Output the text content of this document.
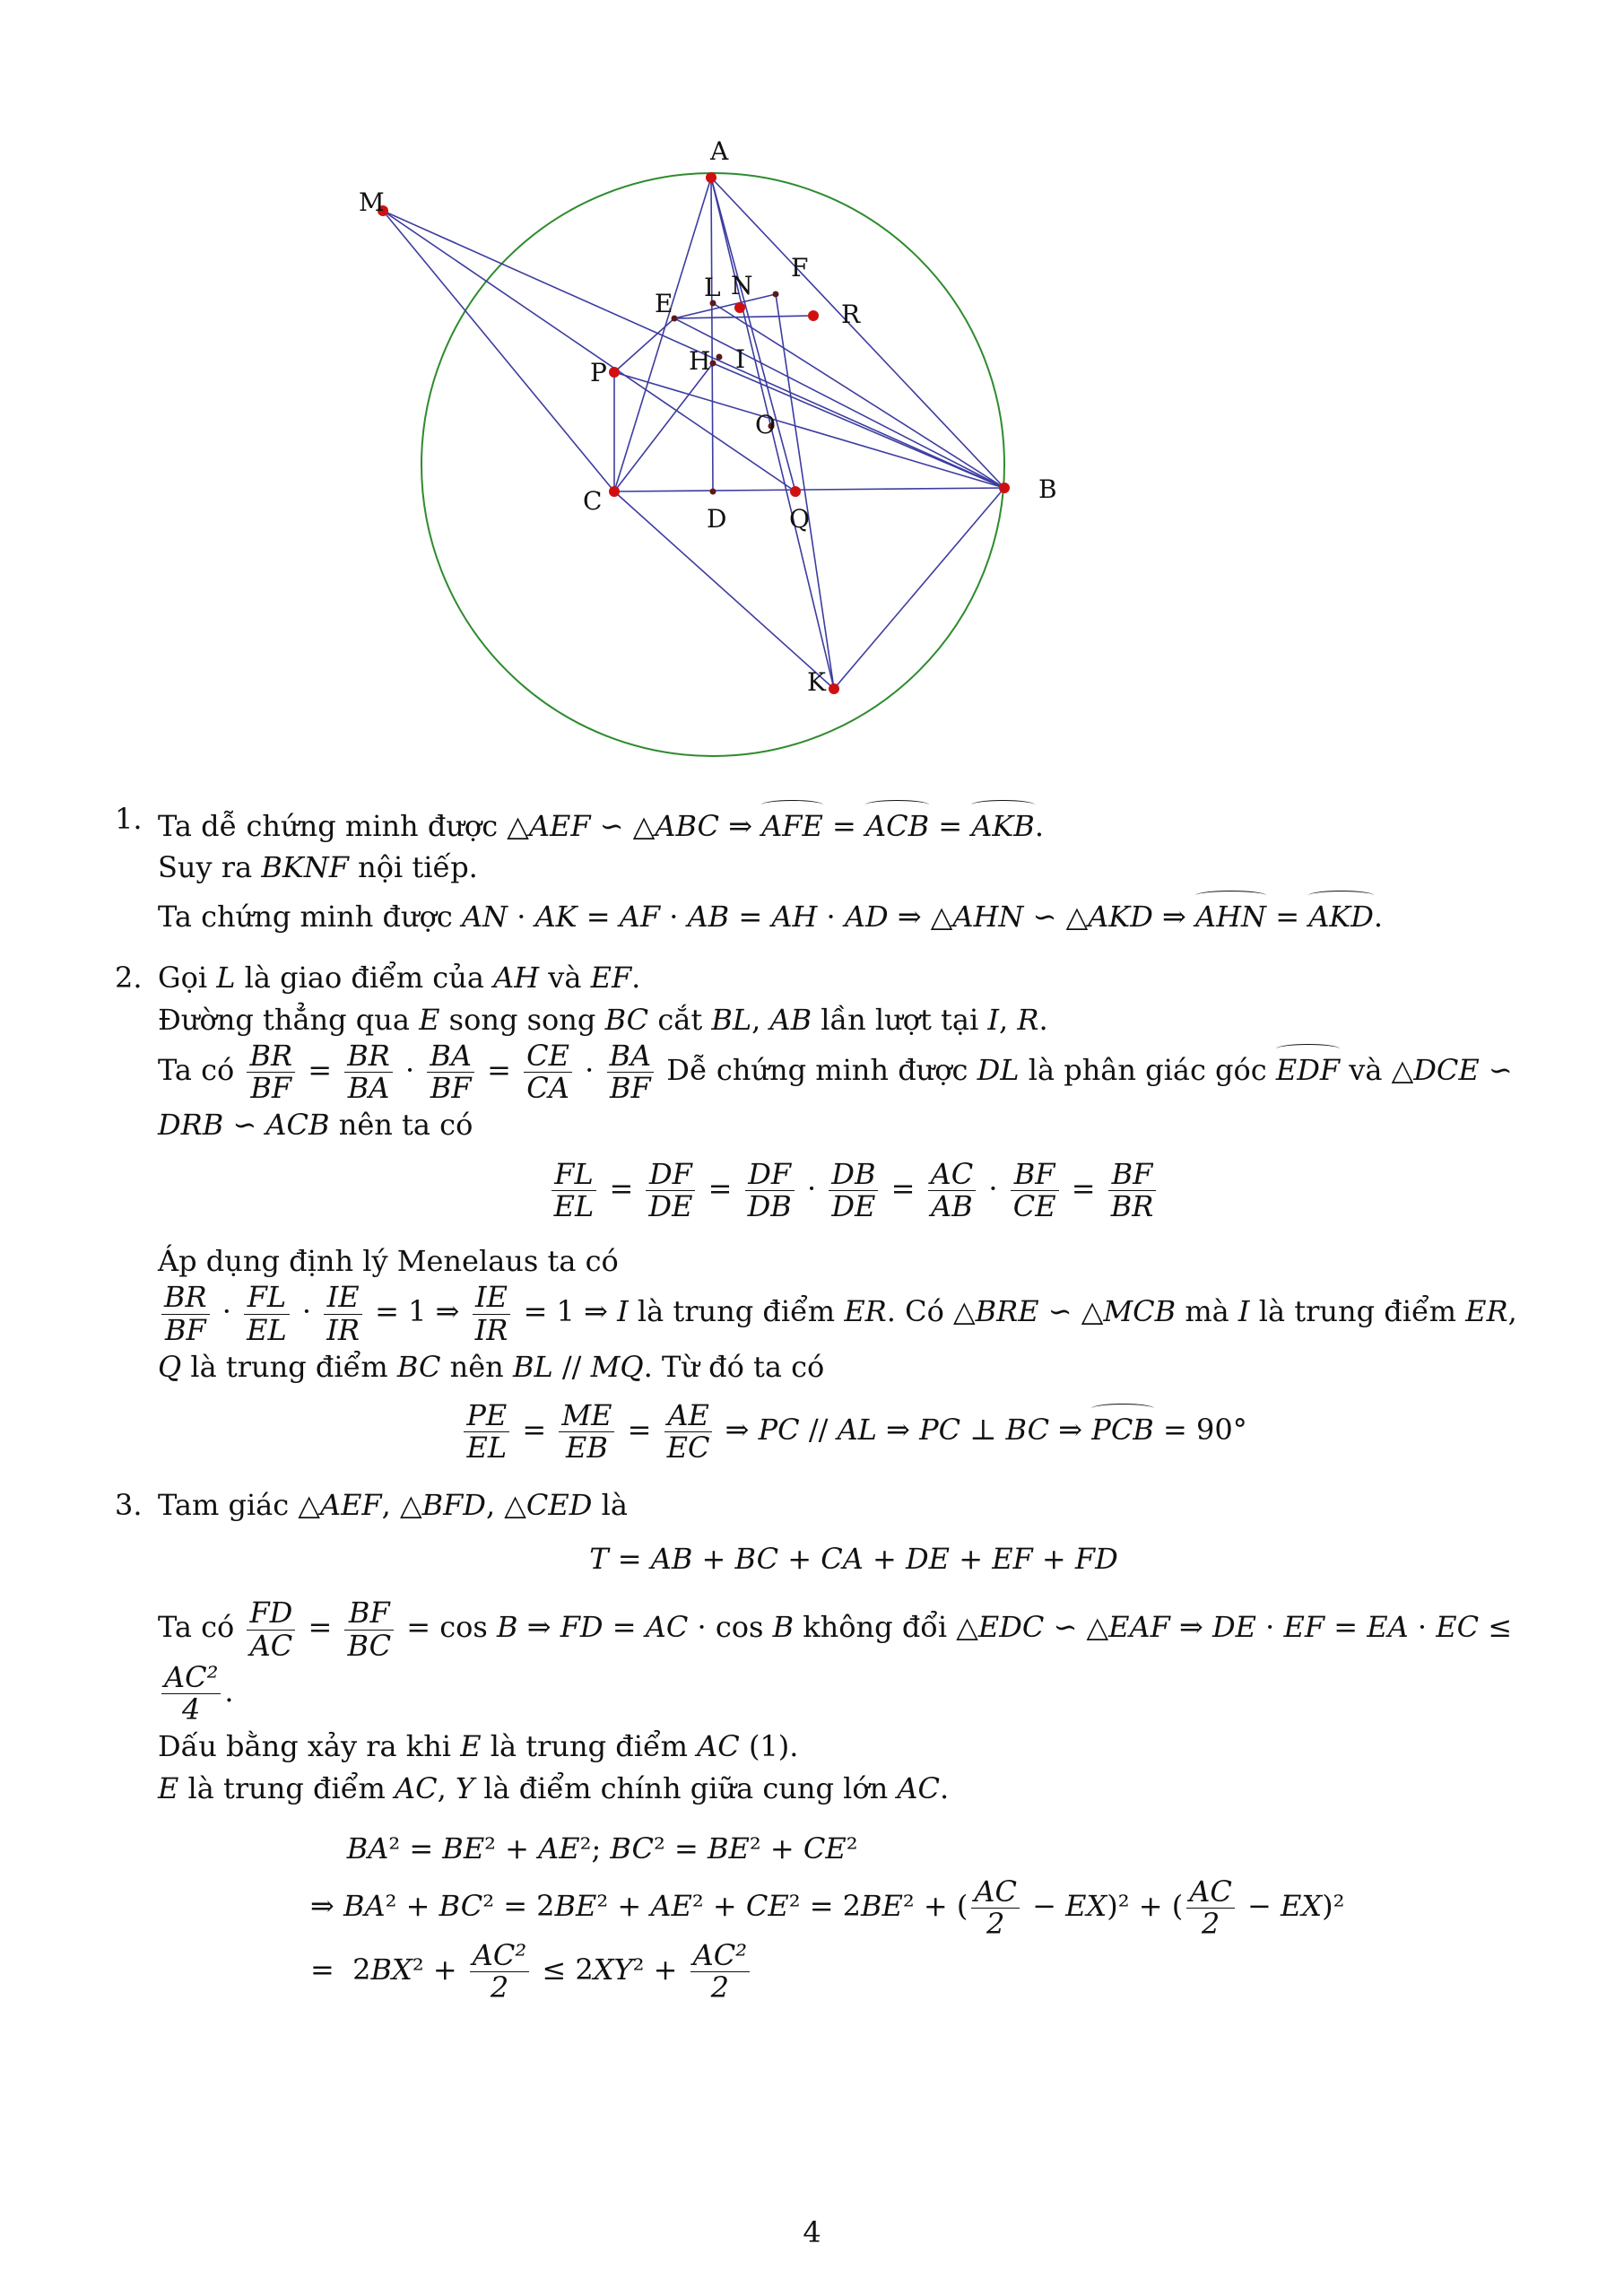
A
M
F
E
L N
R
P	I
H
O
C	B
D Q
K
1. Ta dễ chứng minh được △AEF ∽ △ABC ⇒ AFE = ACB = AKB.
Suy ra BKNF nội tiếp.
Ta chứng minh được AN · AK = AF · AB = AH · AD ⇒ △AHN ∽ △AKD ⇒ AHN = AKD.
2. Gọi L là giao điểm của AH và EF.
Đường thẳng qua E song song BC cắt BL, AB lần lượt tại I, R.
Ta có $\frac{BR}{BF} = \frac{BR}{BA} \cdot \frac{BA}{BF} = \frac{CE}{CA} \cdot \frac{BA}{BF}$ Dễ chứng minh được DL là phân giác góc EDF và △DCE ∽ DRB ∽ ACB nên ta có
$\frac{FL}{EL} = \frac{DF}{DE} = \frac{DF}{DB} \cdot \frac{DB}{DE} = \frac{AC}{AB} \cdot \frac{BF}{CE} = \frac{BF}{BR}$
Áp dụng định lý Menelaus ta có
$\frac{BR}{BF} \cdot \frac{FL}{EL} \cdot \frac{IE}{IR} = 1$ ⇒ $\frac{IE}{IR} = 1$ ⇒ I là trung điểm ER. Có △BRE ∽ △MCB mà I là trung điểm ER, Q là trung điểm BC nên BL // MQ. Từ đó ta có
$\frac{PE}{EL} = \frac{ME}{EB} = \frac{AE}{EC}$ ⇒ PC // AL ⇒ PC ⊥ BC ⇒ PCB = 90°
3. Tam giác △AEF, △BFD, △CED là
T = AB + BC + CA + DE + EF + FD
Ta có $\frac{FD}{AC} = \frac{BF}{BC} = \cos B$ ⇒ FD = AC · cos B không đổi △EDC ∽ △EAF ⇒ DE · EF = EA · EC ≤
$\frac{\text{AC²}}{4}$ .
Dấu bằng xảy ra khi E là trung điểm AC (1).
E là trung điểm AC, Y là điểm chính giữa cung lớn AC.
BA² = BE² + AE²; BC² = BE² + CE²
⇒ BA² + BC² = 2BE² + AE² + CE² = 2BE² + ( $\frac{AC}{2} - EX)^2$ + ( $\frac{AC}{2} - EX)^2$
=  $2BX^2 + \frac{\text{AC²}}{2} \le 2XY^2 + \frac{\text{AC²}}{2}$
4
